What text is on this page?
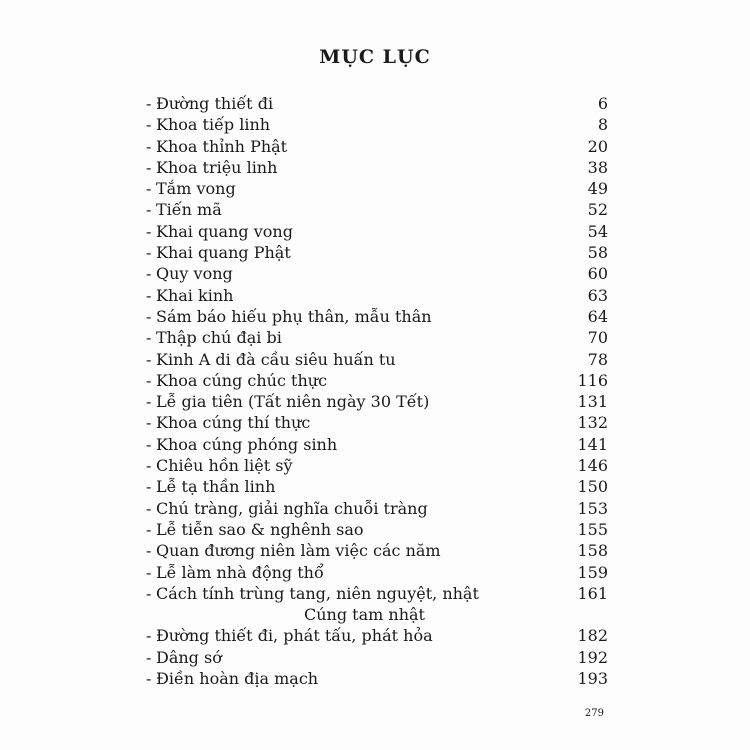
MỤC LỤC
- Đường thiết đi	6
- Khoa tiếp linh	8
- Khoa thỉnh Phật	20
- Khoa triệu linh	38
- Tắm vong	49
- Tiến mã	52
- Khai quang vong	54
- Khai quang Phật	58
- Quy vong	60
- Khai kinh	63
- Sám báo hiếu phụ thân, mẫu thân	64
- Thập chú đại bi	70
- Kinh A di đà cầu siêu huấn tu	78
- Khoa cúng chúc thực	116
- Lễ gia tiên (Tất niên ngày 30 Tết)	131
- Khoa cúng thí thực	132
- Khoa cúng phóng sinh	141
- Chiêu hồn liệt sỹ	146
- Lễ tạ thần linh	150
- Chú tràng, giải nghĩa chuỗi tràng	153
- Lễ tiễn sao & nghênh sao	155
- Quan đương niên làm việc các năm	158
- Lễ làm nhà động thổ	159
- Cách tính trùng tang, niên nguyệt, nhật	161
Cúng tam nhật
- Đường thiết đi, phát tấu, phát hỏa	182
- Dâng sớ	192
- Điền hoàn địa mạch	193
279
